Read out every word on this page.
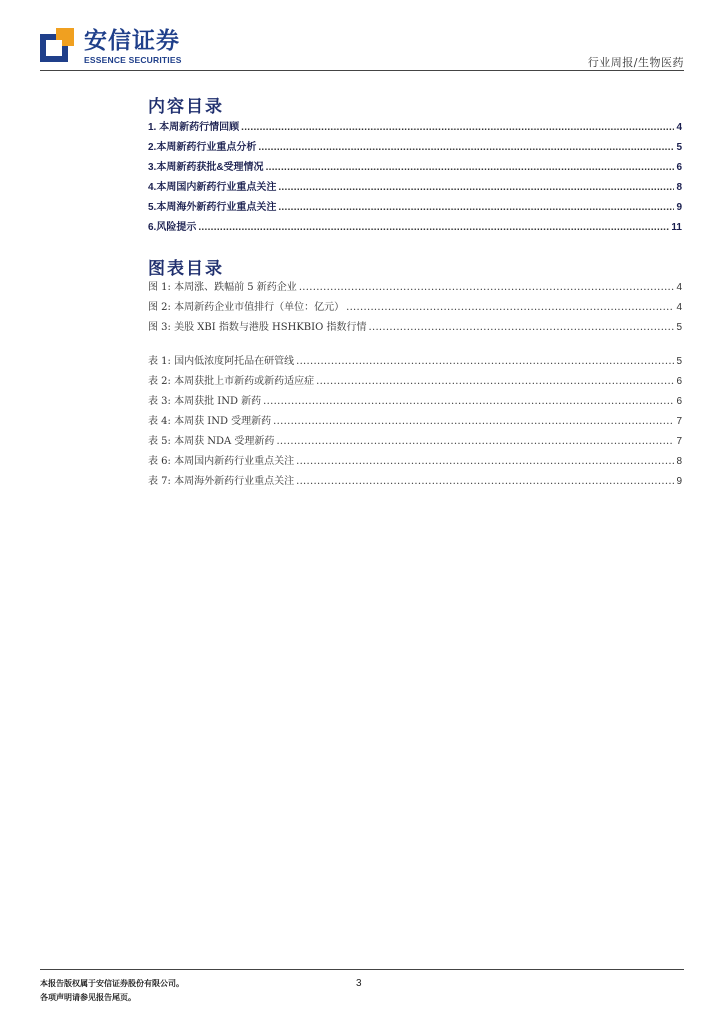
安信证券
ESSENCE SECURITIES	行业周报/生物医药
内容目录
1. 本周新药行情回顾 .....	4
2.本周新药行业重点分析 .....	5
3.本周新药获批&受理情况 .....	6
4.本周国内新药行业重点关注 .....	8
5.本周海外新药行业重点关注 .....	9
6.风险提示 .....	11
图表目录
图 1: 本周涨、跌幅前 5 新药企业 .....	4
图 2: 本周新药企业市值排行（单位：亿元） .....	4
图 3: 美股 XBI 指数与港股 HSHKBIO 指数行情 .....	5
表 1: 国内低浓度阿托品在研管线 .....	5
表 2: 本周获批上市新药或新药适应症 .....	6
表 3: 本周获批 IND 新药 .....	6
表 4: 本周获 IND 受理新药 .....	7
表 5: 本周获 NDA 受理新药 .....	7
表 6: 本周国内新药行业重点关注 .....	8
表 7: 本周海外新药行业重点关注 .....	9
本报告版权属于安信证券股份有限公司。
各项声明请参见报告尾页。
3
